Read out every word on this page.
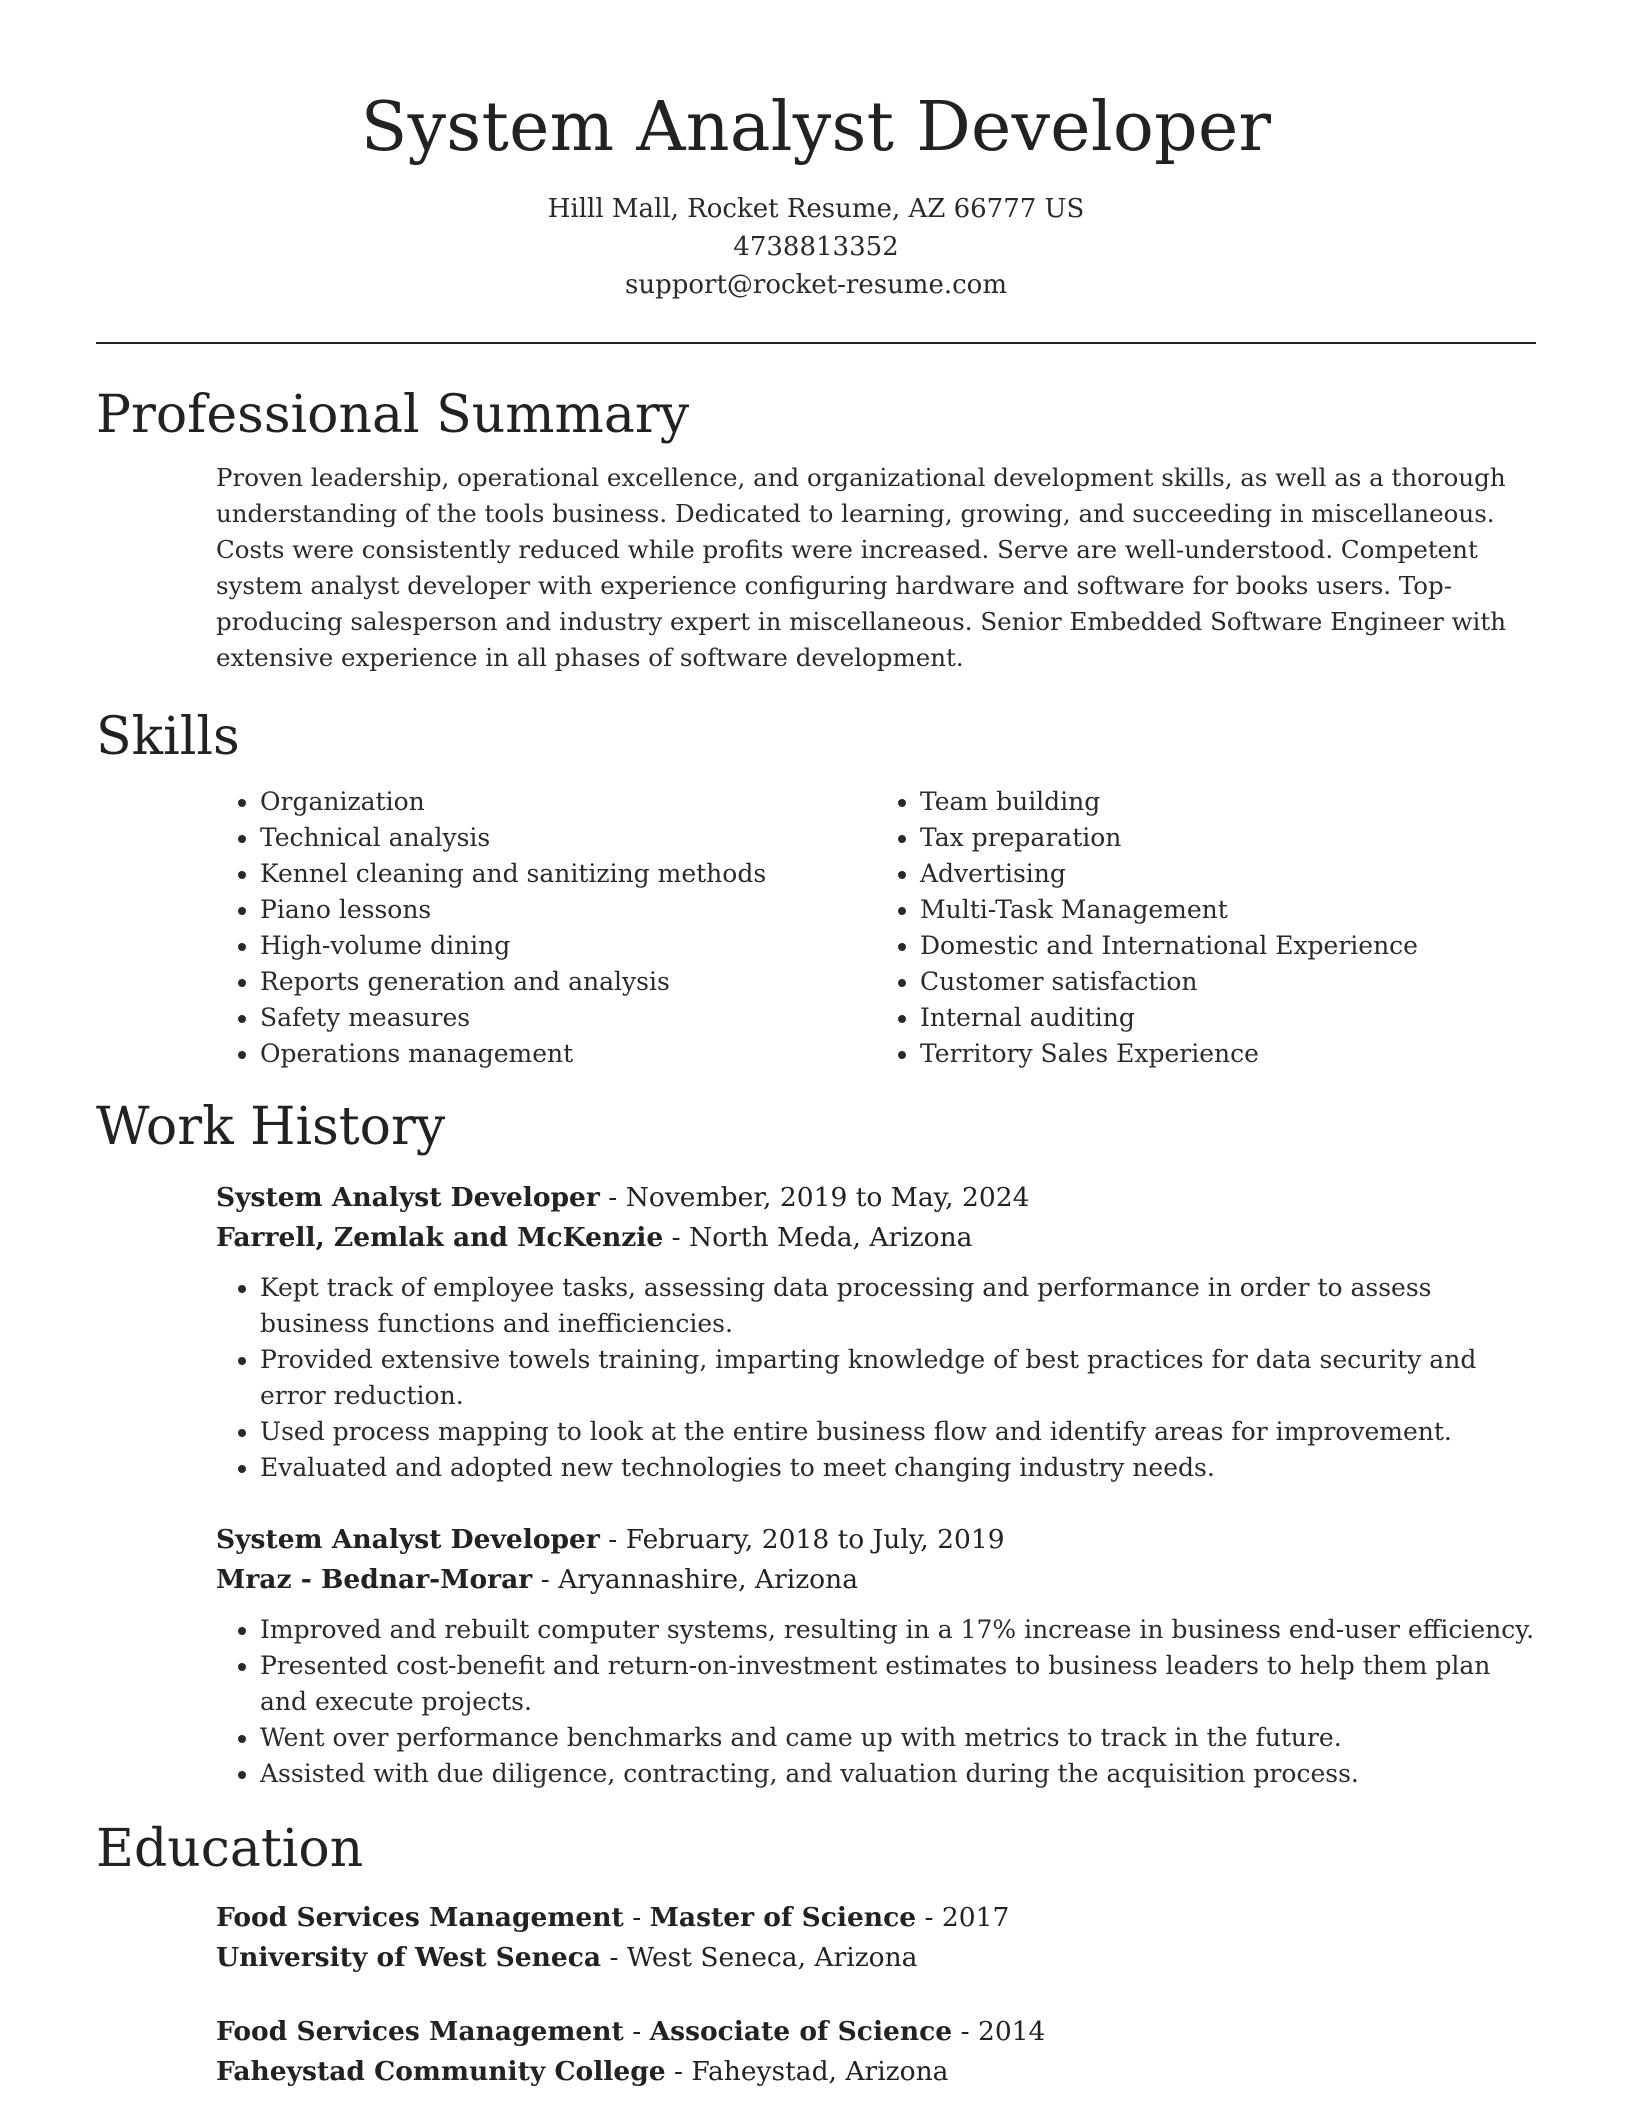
System Analyst Developer
Hilll Mall, Rocket Resume, AZ 66777 US
4738813352
support@rocket-resume.com
Professional Summary

Proven leadership, operational excellence, and organizational development skills, as well as a thorough understanding of the tools business. Dedicated to learning, growing, and succeeding in miscellaneous. Costs were consistently reduced while profits were increased. Serve are well-understood. Competent system analyst developer with experience configuring hardware and software for books users. Top-producing salesperson and industry expert in miscellaneous. Senior Embedded Software Engineer with extensive experience in all phases of software development.

Skills
• Organization
• Technical analysis
• Kennel cleaning and sanitizing methods
• Piano lessons
• High-volume dining
• Reports generation and analysis
• Safety measures
• Operations management
• Team building
• Tax preparation
• Advertising
• Multi-Task Management
• Domestic and International Experience
• Customer satisfaction
• Internal auditing
• Territory Sales Experience
Work History
System Analyst Developer - November, 2019 to May, 2024
Farrell, Zemlak and McKenzie - North Meda, Arizona
• Kept track of employee tasks, assessing data processing and performance in order to assess business functions and inefficiencies.
• Provided extensive towels training, imparting knowledge of best practices for data security and error reduction.
• Used process mapping to look at the entire business flow and identify areas for improvement.
• Evaluated and adopted new technologies to meet changing industry needs.
System Analyst Developer - February, 2018 to July, 2019
Mraz - Bednar-Morar - Aryannashire, Arizona
• Improved and rebuilt computer systems, resulting in a 17% increase in business end-user efficiency.
• Presented cost-benefit and return-on-investment estimates to business leaders to help them plan and execute projects.
• Went over performance benchmarks and came up with metrics to track in the future.
• Assisted with due diligence, contracting, and valuation during the acquisition process.
Education
Food Services Management - Master of Science - 2017
University of West Seneca - West Seneca, Arizona
Food Services Management - Associate of Science - 2014
Faheystad Community College - Faheystad, Arizona
